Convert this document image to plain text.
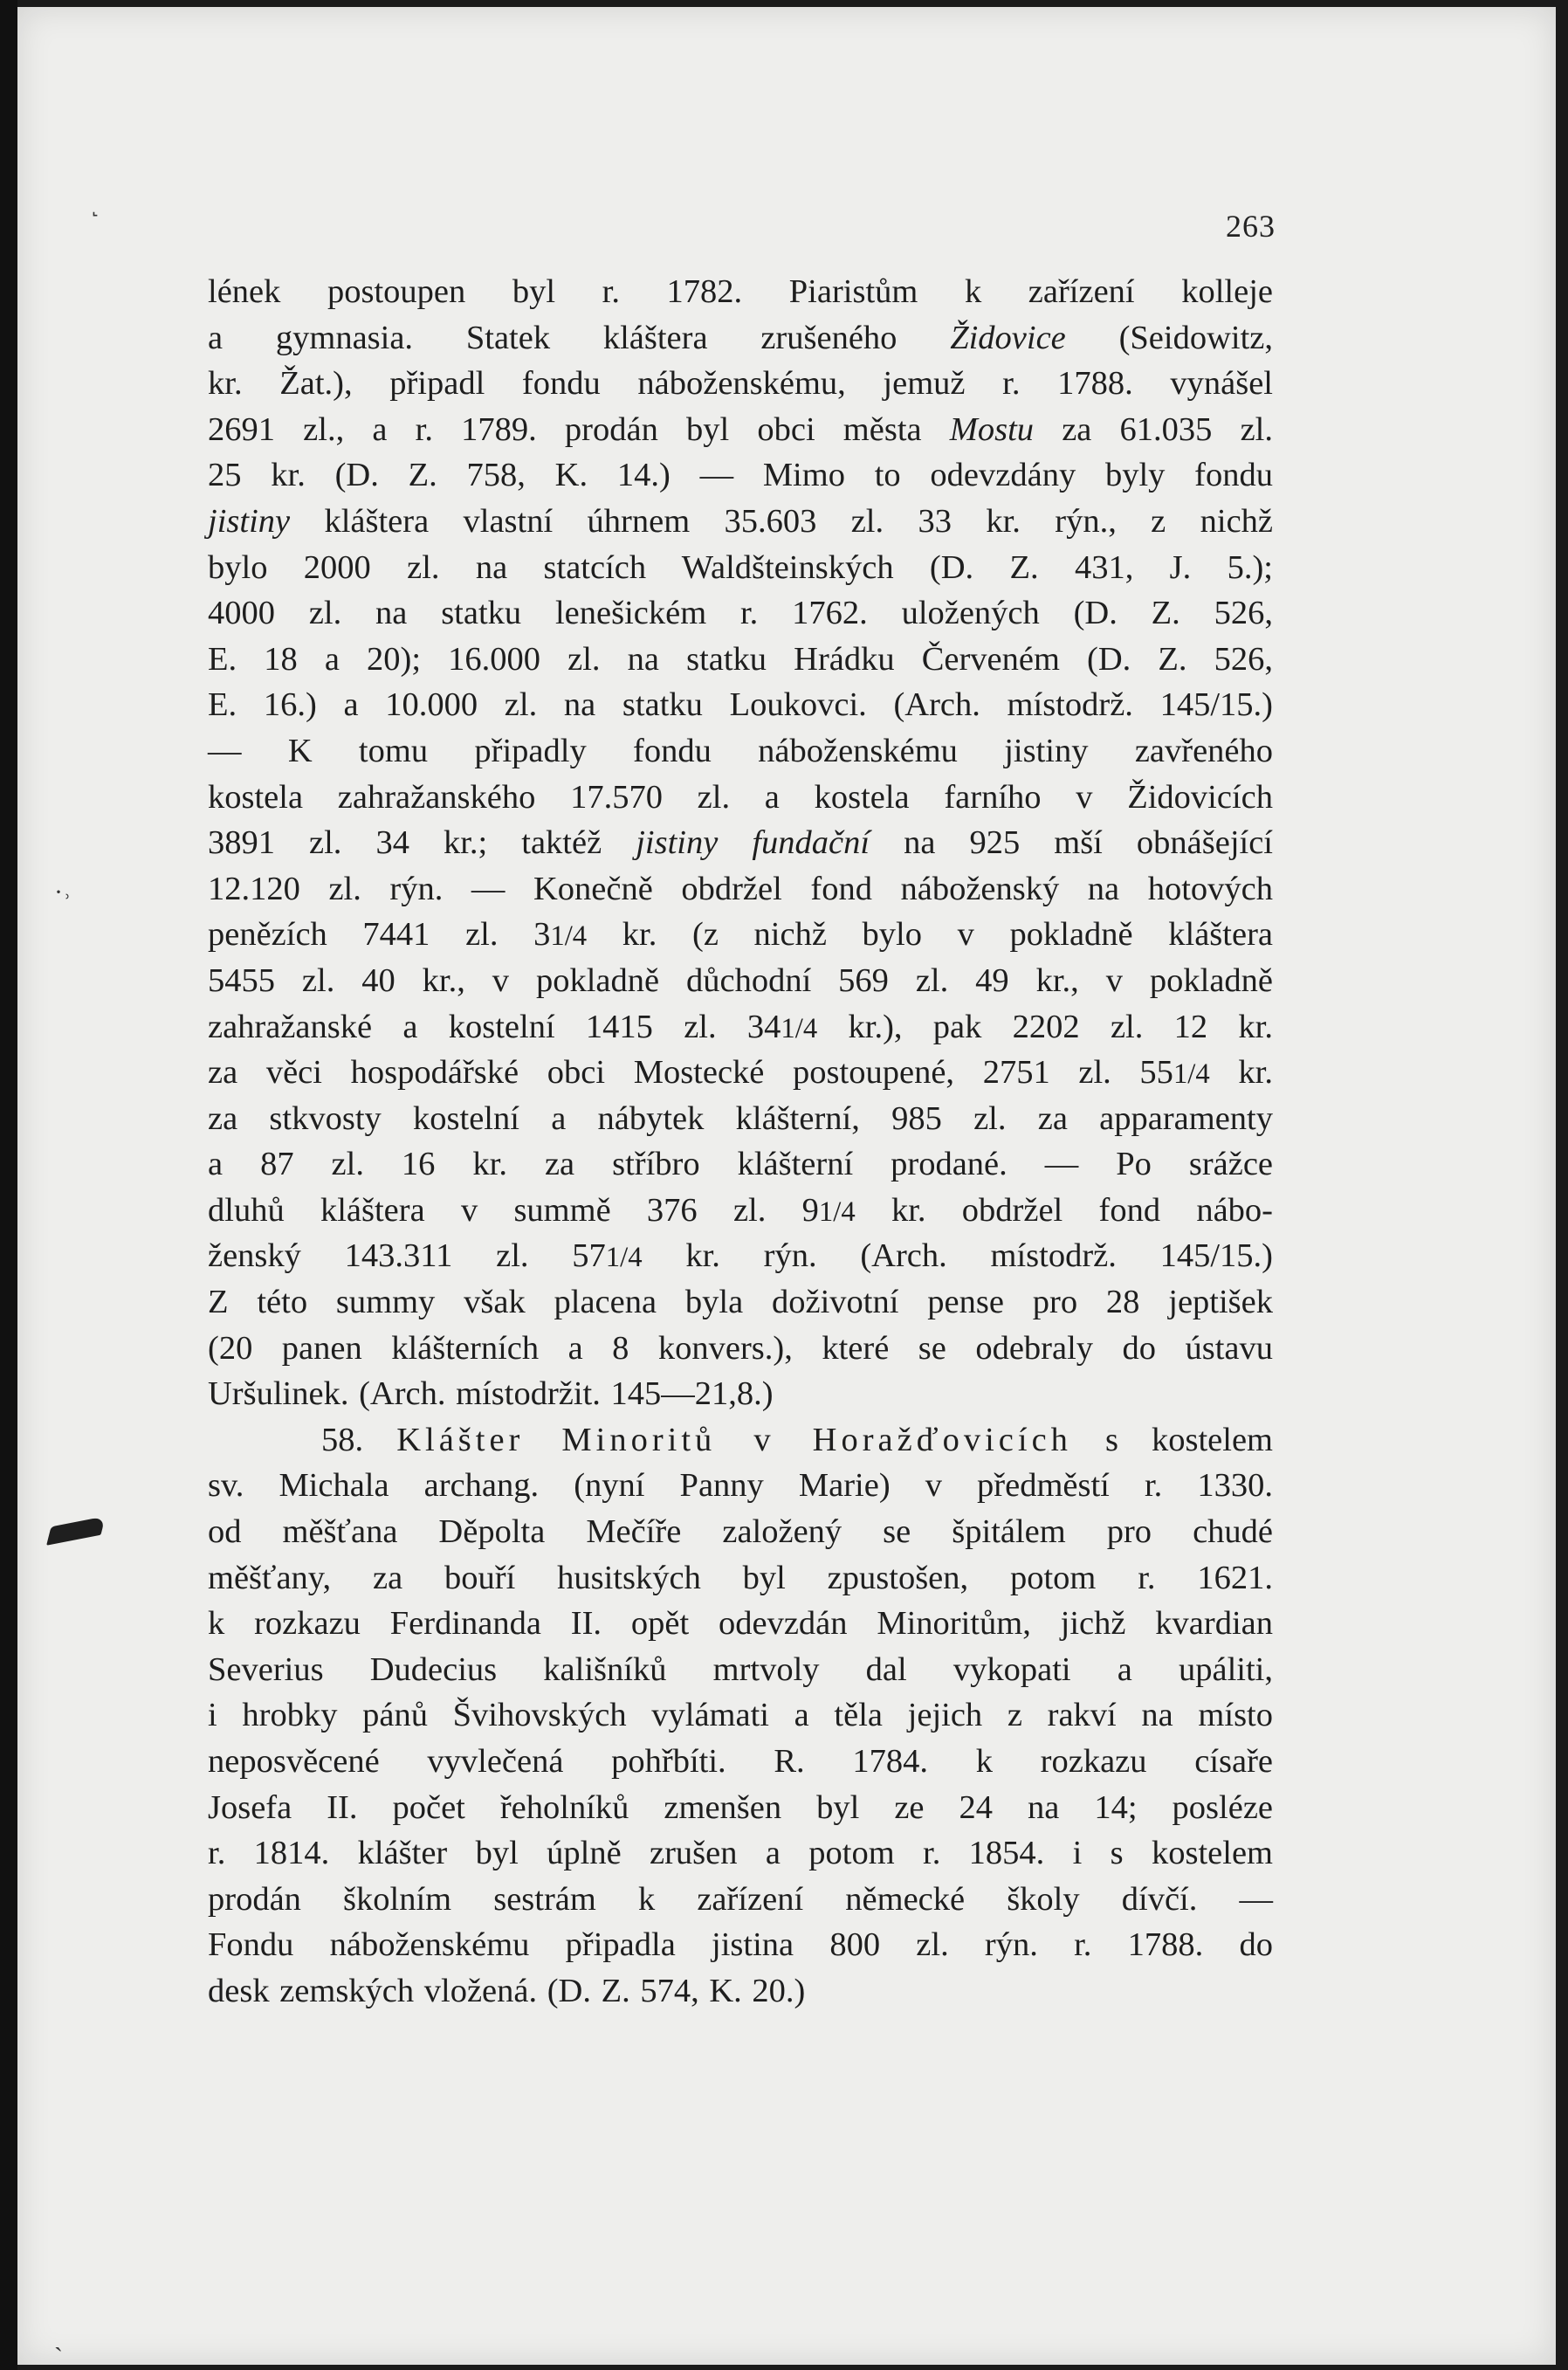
263
˻
·˒
ˏ
lének postoupen byl r. 1782. Piaristům k zařízení kolleje
a gymnasia. Statek kláštera zrušeného Židovice (Seidowitz,
kr. Žat.), připadl fondu náboženskému, jemuž r. 1788. vynášel
2691 zl., a r. 1789. prodán byl obci města Mostu za 61.035 zl.
25 kr. (D. Z. 758, K. 14.) — Mimo to odevzdány byly fondu
jistiny kláštera vlastní úhrnem 35.603 zl. 33 kr. rýn., z nichž
bylo 2000 zl. na statcích Waldšteinských (D. Z. 431, J. 5.);
4000 zl. na statku lenešickém r. 1762. uložených (D. Z. 526,
E. 18 a 20); 16.000 zl. na statku Hrádku Červeném (D. Z. 526,
E. 16.) a 10.000 zl. na statku Loukovci. (Arch. místodrž. 145/15.)
— K tomu připadly fondu náboženskému jistiny zavřeného
kostela zahražanského 17.570 zl. a kostela farního v Židovicích
3891 zl. 34 kr.; taktéž jistiny fundační na 925 mší obnášející
12.120 zl. rýn. — Konečně obdržel fond náboženský na hotových
penězích 7441 zl. 31/4 kr. (z nichž bylo v pokladně kláštera
5455 zl. 40 kr., v pokladně důchodní 569 zl. 49 kr., v pokladně
zahražanské a kostelní 1415 zl. 341/4 kr.), pak 2202 zl. 12 kr.
za věci hospodářské obci Mostecké postoupené, 2751 zl. 551/4 kr.
za stkvosty kostelní a nábytek klášterní, 985 zl. za apparamenty
a 87 zl. 16 kr. za stříbro klášterní prodané. — Po srážce
dluhů kláštera v summě 376 zl. 91/4 kr. obdržel fond nábo-
ženský 143.311 zl. 571/4 kr. rýn. (Arch. místodrž. 145/15.)
Z této summy však placena byla doživotní pense pro 28 jeptišek
(20 panen klášterních a 8 konvers.), které se odebraly do ústavu
Uršulinek. (Arch. místodržit. 145—21,8.)
58. Klášter Minoritů v Horažďovicích s kostelem
sv. Michala archang. (nyní Panny Marie) v předměstí r. 1330.
od měšťana Děpolta Mečíře založený se špitálem pro chudé
měšťany, za bouří husitských byl zpustošen, potom r. 1621.
k rozkazu Ferdinanda II. opět odevzdán Minoritům, jichž kvardian
Severius Dudecius kališníků mrtvoly dal vykopati a upáliti,
i hrobky pánů Švihovských vylámati a těla jejich z rakví na místo
neposvěcené vyvlečená pohřbíti. R. 1784. k rozkazu císaře
Josefa II. počet řeholníků zmenšen byl ze 24 na 14; posléze
r. 1814. klášter byl úplně zrušen a potom r. 1854. i s kostelem
prodán školním sestrám k zařízení německé školy dívčí. —
Fondu náboženskému připadla jistina 800 zl. rýn. r. 1788. do
desk zemských vložená. (D. Z. 574, K. 20.)
